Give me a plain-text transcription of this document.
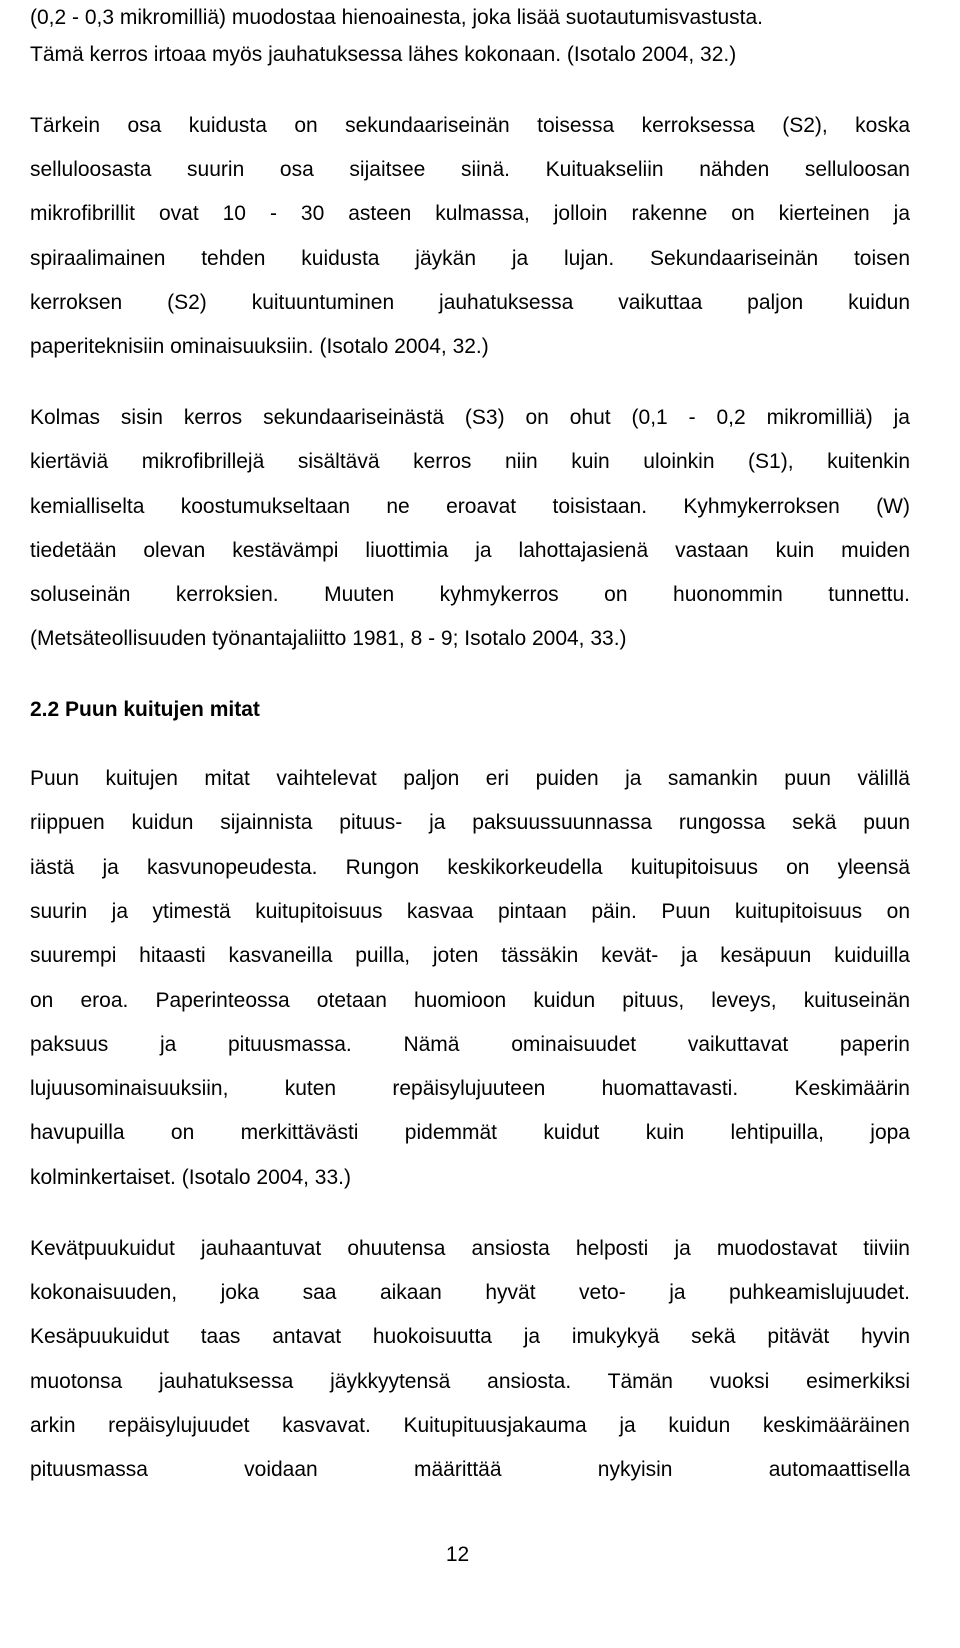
(0,2 - 0,3 mikromilliä) muodostaa hienoainesta, joka lisää suotautumisvastusta.
Tämä kerros irtoaa myös jauhatuksessa lähes kokonaan. (Isotalo 2004, 32.)
Tärkein osa kuidusta on sekundaariseinän toisessa kerroksessa (S2), koska
selluloosasta suurin osa sijaitsee siinä. Kuituakseliin nähden selluloosan
mikrofibrillit ovat 10 - 30 asteen kulmassa, jolloin rakenne on kierteinen ja
spiraalimainen tehden kuidusta jäykän ja lujan. Sekundaariseinän toisen
kerroksen (S2) kuituuntuminen jauhatuksessa vaikuttaa paljon kuidun
paperiteknisiin ominaisuuksiin. (Isotalo 2004, 32.)
Kolmas sisin kerros sekundaariseinästä (S3) on ohut (0,1 - 0,2 mikromilliä) ja
kiertäviä mikrofibrillejä sisältävä kerros niin kuin uloinkin (S1), kuitenkin
kemialliselta koostumukseltaan ne eroavat toisistaan. Kyhmykerroksen (W)
tiedetään olevan kestävämpi liuottimia ja lahottajasienä vastaan kuin muiden
soluseinän kerroksien. Muuten kyhmykerros on huonommin tunnettu.
(Metsäteollisuuden työnantajaliitto 1981, 8 - 9; Isotalo 2004, 33.)
2.2 Puun kuitujen mitat
Puun kuitujen mitat vaihtelevat paljon eri puiden ja samankin puun välillä
riippuen kuidun sijainnista pituus- ja paksuussuunnassa rungossa sekä puun
iästä ja kasvunopeudesta. Rungon keskikorkeudella kuitupitoisuus on yleensä
suurin ja ytimestä kuitupitoisuus kasvaa pintaan päin. Puun kuitupitoisuus on
suurempi hitaasti kasvaneilla puilla, joten tässäkin kevät- ja kesäpuun kuiduilla
on eroa. Paperinteossa otetaan huomioon kuidun pituus, leveys, kuituseinän
paksuus ja pituusmassa. Nämä ominaisuudet vaikuttavat paperin
lujuusominaisuuksiin, kuten repäisylujuuteen huomattavasti. Keskimäärin
havupuilla on merkittävästi pidemmät kuidut kuin lehtipuilla, jopa
kolminkertaiset. (Isotalo 2004, 33.)
Kevätpuukuidut jauhaantuvat ohuutensa ansiosta helposti ja muodostavat tiiviin
kokonaisuuden, joka saa aikaan hyvät veto- ja puhkeamislujuudet.
Kesäpuukuidut taas antavat huokoisuutta ja imukykyä sekä pitävät hyvin
muotonsa jauhatuksessa jäykkyytensä ansiosta. Tämän vuoksi esimerkiksi
arkin repäisylujuudet kasvavat. Kuitupituusjakauma ja kuidun keskimääräinen
pituusmassa voidaan määrittää nykyisin automaattisella
12
